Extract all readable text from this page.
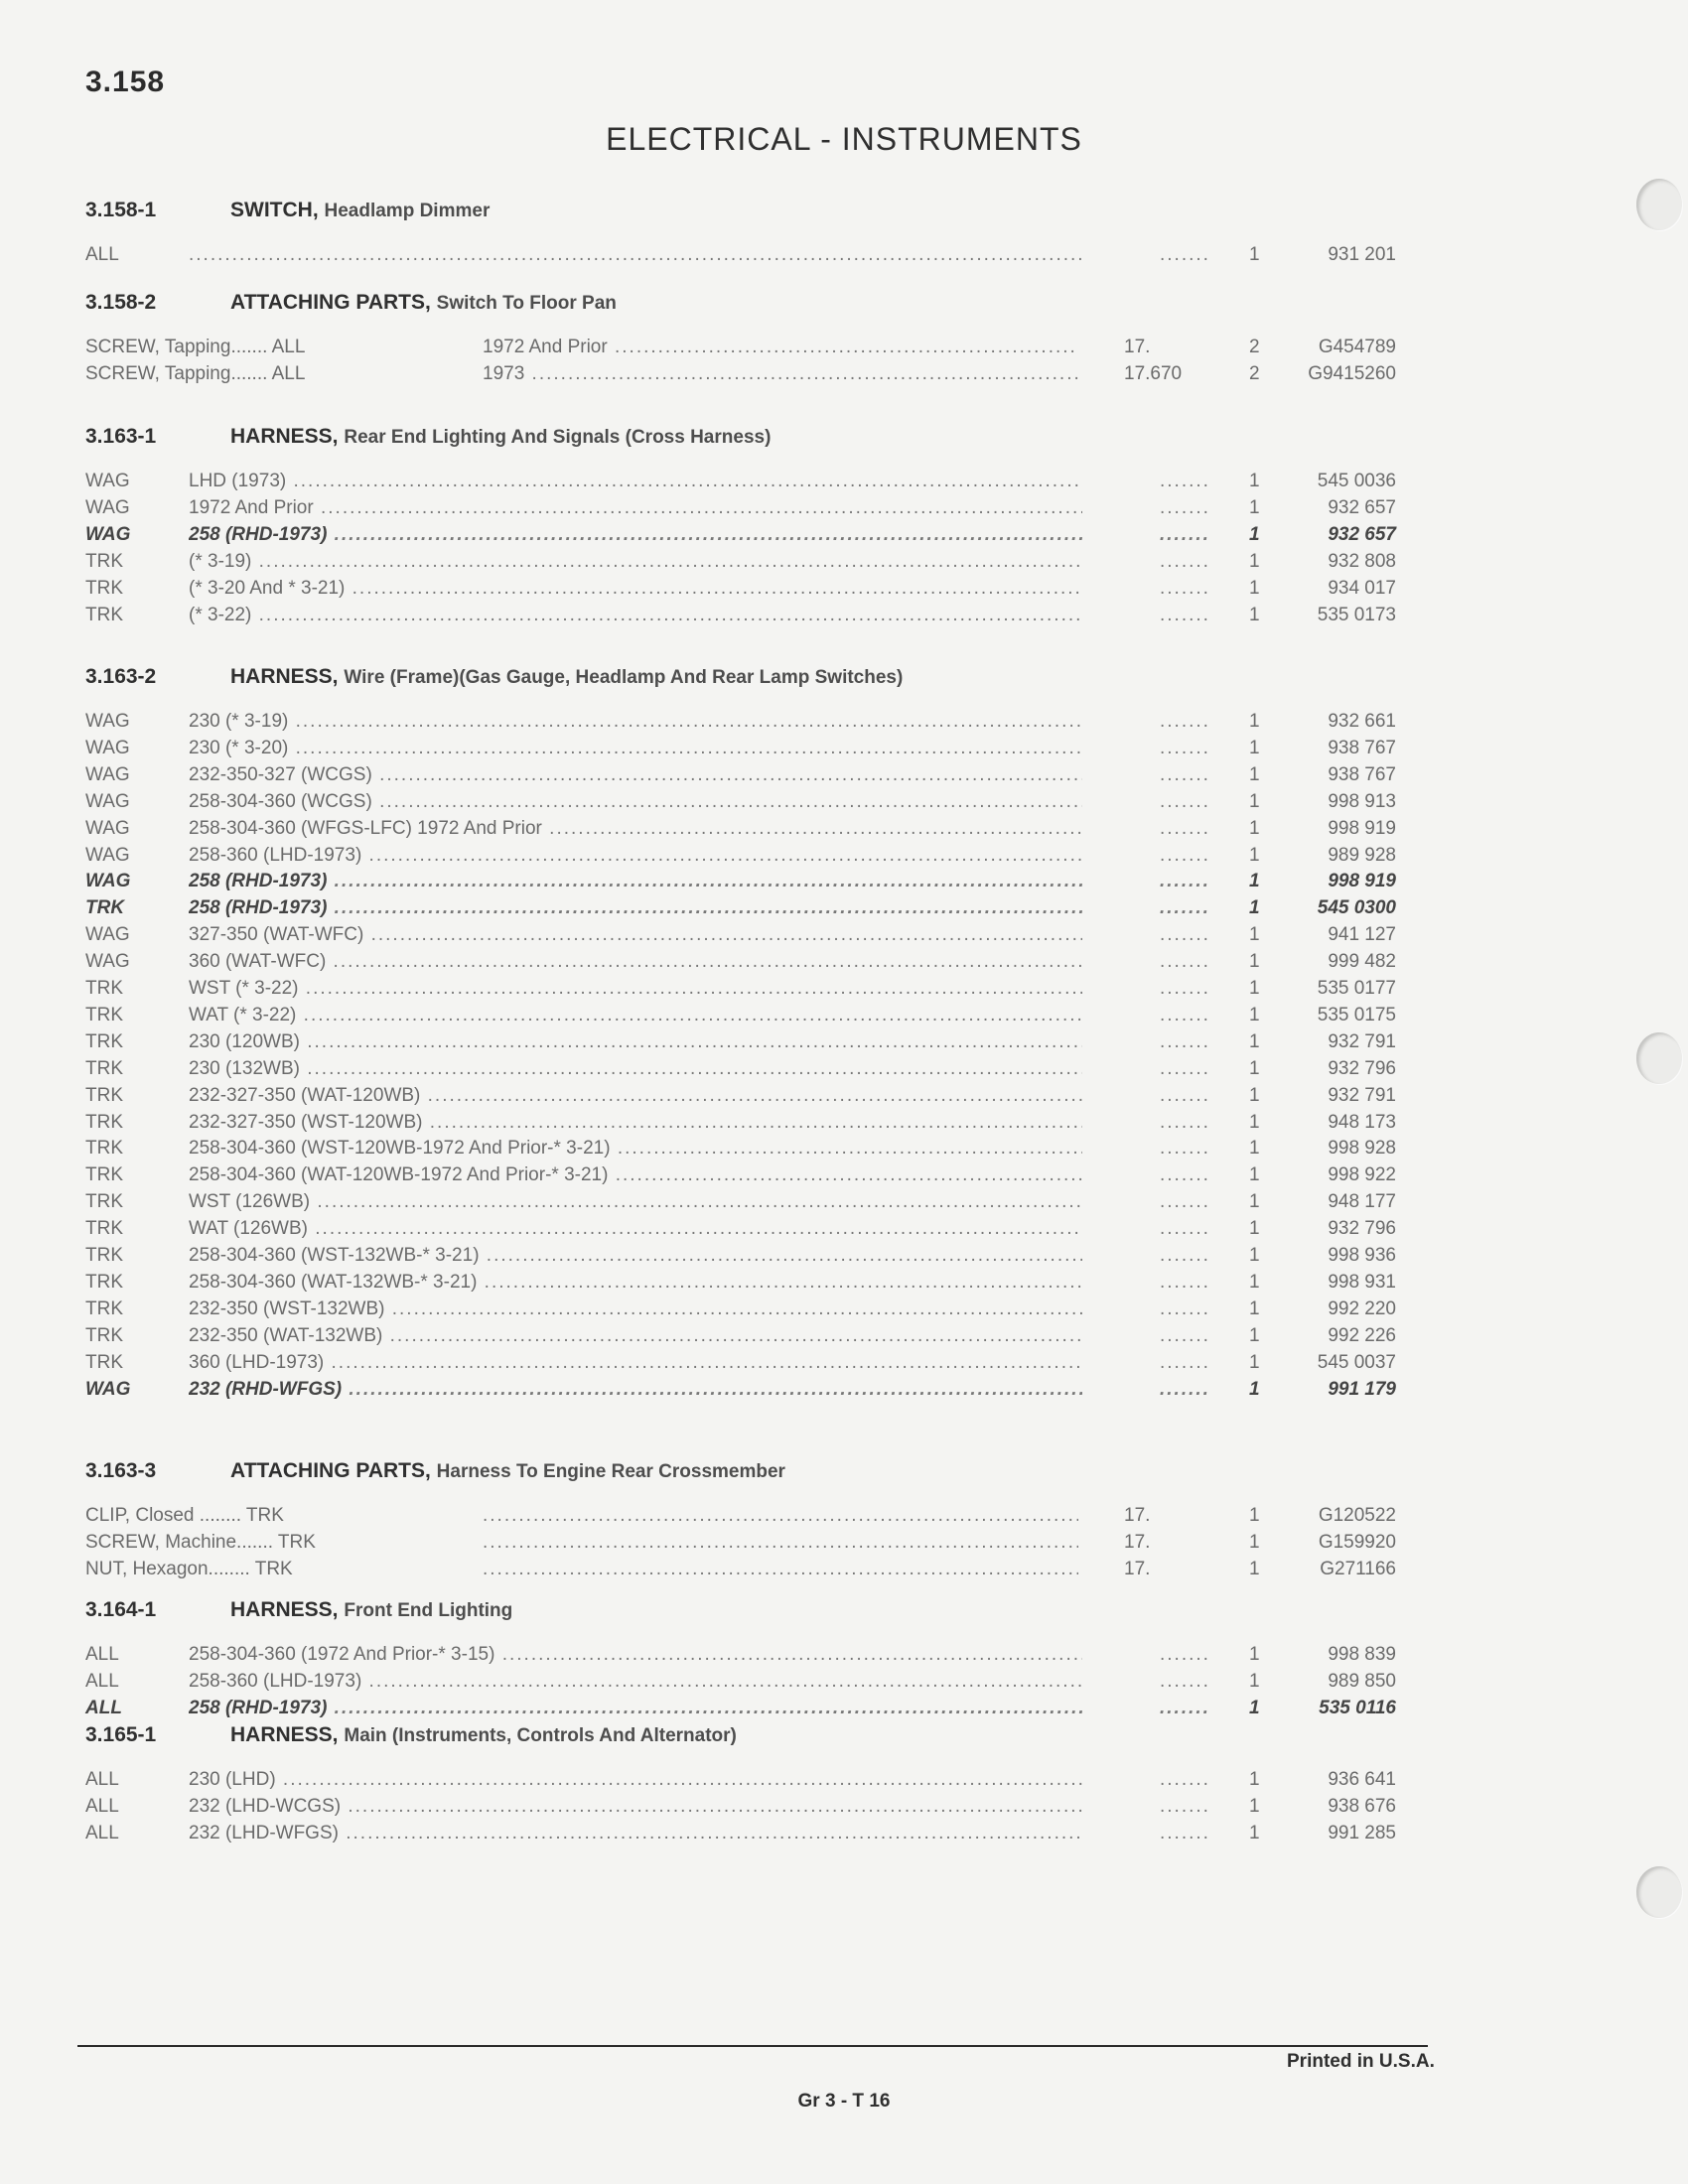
3.158
ELECTRICAL - INSTRUMENTS
3.158-1	SWITCH, Headlamp Dimmer
ALL .....	....... 1	931 201
3.158-2	ATTACHING PARTS, Switch To Floor Pan
SCREW, Tapping....... ALL	1972 And Prior .....	17.	2	G454789
SCREW, Tapping....... ALL	1973 .....	17.670	2	G9415260
3.163-1	HARNESS, Rear End Lighting And Signals (Cross Harness)
WAG	LHD (1973) .....	....... 1	545 0036
WAG	1972 And Prior .....	....... 1	932 657
WAG	258 (RHD-1973) .....	....... 1	932 657
TRK	(* 3-19) .....	....... 1	932 808
TRK	(* 3-20 And * 3-21) .....	....... 1	934 017
TRK	(* 3-22) .....	....... 1	535 0173
3.163-2	HARNESS, Wire (Frame)(Gas Gauge, Headlamp And Rear Lamp Switches)
WAG	230 (* 3-19) .....	....... 1	932 661
WAG	230 (* 3-20) .....	....... 1	938 767
WAG	232-350-327 (WCGS) .....	....... 1	938 767
WAG	258-304-360 (WCGS) .....	....... 1	998 913
WAG	258-304-360 (WFGS-LFC) 1972 And Prior .....	....... 1	998 919
WAG	258-360 (LHD-1973) .....	....... 1	989 928
WAG	258 (RHD-1973) .....	....... 1	998 919
TRK	258 (RHD-1973) .....	....... 1	545 0300
WAG	327-350 (WAT-WFC) .....	....... 1	941 127
WAG	360 (WAT-WFC) .....	....... 1	999 482
TRK	WST (* 3-22) .....	....... 1	535 0177
TRK	WAT (* 3-22) .....	....... 1	535 0175
TRK	230 (120WB) .....	....... 1	932 791
TRK	230 (132WB) .....	....... 1	932 796
TRK	232-327-350 (WAT-120WB) .....	....... 1	932 791
TRK	232-327-350 (WST-120WB) .....	....... 1	948 173
TRK	258-304-360 (WST-120WB-1972 And Prior-* 3-21) .....	....... 1	998 928
TRK	258-304-360 (WAT-120WB-1972 And Prior-* 3-21) .....	....... 1	998 922
TRK	WST (126WB) .....	....... 1	948 177
TRK	WAT (126WB) .....	....... 1	932 796
TRK	258-304-360 (WST-132WB-* 3-21) .....	....... 1	998 936
TRK	258-304-360 (WAT-132WB-* 3-21) .....	....... 1	998 931
TRK	232-350 (WST-132WB) .....	....... 1	992 220
TRK	232-350 (WAT-132WB) .....	....... 1	992 226
TRK	360 (LHD-1973) .....	....... 1	545 0037
WAG	232 (RHD-WFGS) .....	....... 1	991 179
3.163-3	ATTACHING PARTS, Harness To Engine Rear Crossmember
CLIP, Closed ........ TRK .....	17.	1	G120522
SCREW, Machine....... TRK .....	17.	1	G159920
NUT, Hexagon........ TRK .....	17.	1	G271166
3.164-1	HARNESS, Front End Lighting
ALL	258-304-360 (1972 And Prior-* 3-15) .....	....... 1	998 839
ALL	258-360 (LHD-1973) .....	....... 1	989 850
ALL	258 (RHD-1973) .....	....... 1	535 0116
3.165-1	HARNESS, Main (Instruments, Controls And Alternator)
ALL	230 (LHD) .....	....... 1	936 641
ALL	232 (LHD-WCGS) .....	....... 1	938 676
ALL	232 (LHD-WFGS) .....	....... 1	991 285
Printed in U.S.A.
Gr 3 - T 16
